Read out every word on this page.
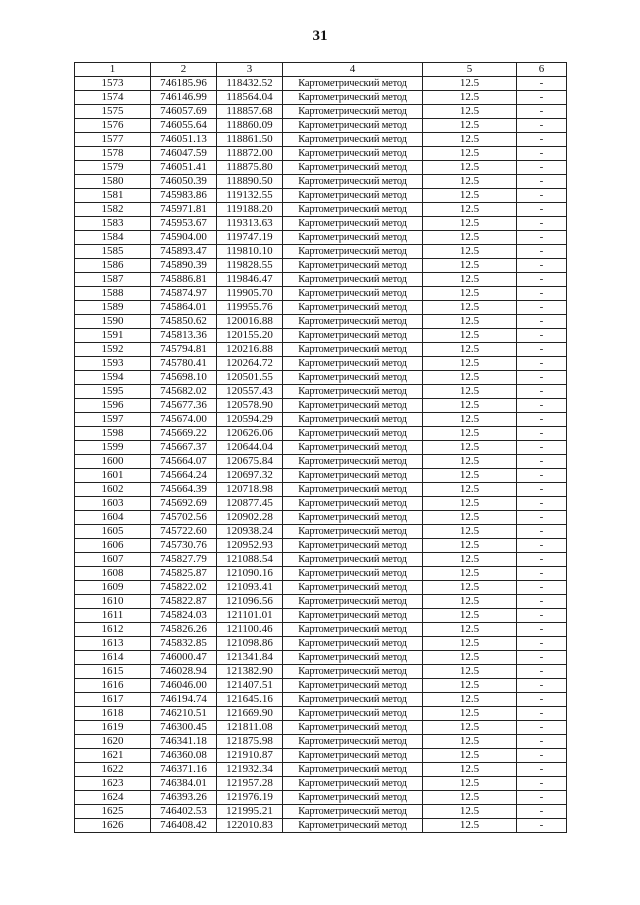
31
1	2	3	4	5	6
1573	746185.96	118432.52	Картометрический метод	12.5	-
1574	746146.99	118564.04	Картометрический метод	12.5	-
1575	746057.69	118857.68	Картометрический метод	12.5	-
1576	746055.64	118860.09	Картометрический метод	12.5	-
1577	746051.13	118861.50	Картометрический метод	12.5	-
1578	746047.59	118872.00	Картометрический метод	12.5	-
1579	746051.41	118875.80	Картометрический метод	12.5	-
1580	746050.39	118890.50	Картометрический метод	12.5	-
1581	745983.86	119132.55	Картометрический метод	12.5	-
1582	745971.81	119188.20	Картометрический метод	12.5	-
1583	745953.67	119313.63	Картометрический метод	12.5	-
1584	745904.00	119747.19	Картометрический метод	12.5	-
1585	745893.47	119810.10	Картометрический метод	12.5	-
1586	745890.39	119828.55	Картометрический метод	12.5	-
1587	745886.81	119846.47	Картометрический метод	12.5	-
1588	745874.97	119905.70	Картометрический метод	12.5	-
1589	745864.01	119955.76	Картометрический метод	12.5	-
1590	745850.62	120016.88	Картометрический метод	12.5	-
1591	745813.36	120155.20	Картометрический метод	12.5	-
1592	745794.81	120216.88	Картометрический метод	12.5	-
1593	745780.41	120264.72	Картометрический метод	12.5	-
1594	745698.10	120501.55	Картометрический метод	12.5	-
1595	745682.02	120557.43	Картометрический метод	12.5	-
1596	745677.36	120578.90	Картометрический метод	12.5	-
1597	745674.00	120594.29	Картометрический метод	12.5	-
1598	745669.22	120626.06	Картометрический метод	12.5	-
1599	745667.37	120644.04	Картометрический метод	12.5	-
1600	745664.07	120675.84	Картометрический метод	12.5	-
1601	745664.24	120697.32	Картометрический метод	12.5	-
1602	745664.39	120718.98	Картометрический метод	12.5	-
1603	745692.69	120877.45	Картометрический метод	12.5	-
1604	745702.56	120902.28	Картометрический метод	12.5	-
1605	745722.60	120938.24	Картометрический метод	12.5	-
1606	745730.76	120952.93	Картометрический метод	12.5	-
1607	745827.79	121088.54	Картометрический метод	12.5	-
1608	745825.87	121090.16	Картометрический метод	12.5	-
1609	745822.02	121093.41	Картометрический метод	12.5	-
1610	745822.87	121096.56	Картометрический метод	12.5	-
1611	745824.03	121101.01	Картометрический метод	12.5	-
1612	745826.26	121100.46	Картометрический метод	12.5	-
1613	745832.85	121098.86	Картометрический метод	12.5	-
1614	746000.47	121341.84	Картометрический метод	12.5	-
1615	746028.94	121382.90	Картометрический метод	12.5	-
1616	746046.00	121407.51	Картометрический метод	12.5	-
1617	746194.74	121645.16	Картометрический метод	12.5	-
1618	746210.51	121669.90	Картометрический метод	12.5	-
1619	746300.45	121811.08	Картометрический метод	12.5	-
1620	746341.18	121875.98	Картометрический метод	12.5	-
1621	746360.08	121910.87	Картометрический метод	12.5	-
1622	746371.16	121932.34	Картометрический метод	12.5	-
1623	746384.01	121957.28	Картометрический метод	12.5	-
1624	746393.26	121976.19	Картометрический метод	12.5	-
1625	746402.53	121995.21	Картометрический метод	12.5	-
1626	746408.42	122010.83	Картометрический метод	12.5	-
